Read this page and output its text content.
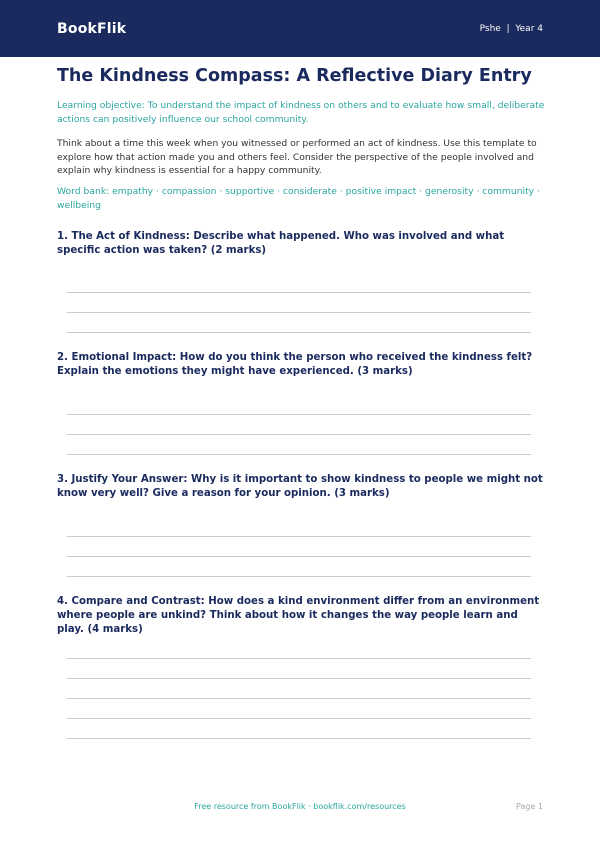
BookFlik	Pshe | Year 4
The Kindness Compass: A Reflective Diary Entry

Learning objective: To understand the impact of kindness on others and to evaluate how small, deliberate actions can positively influence our school community.

Think about a time this week when you witnessed or performed an act of kindness. Use this template to explore how that action made you and others feel. Consider the perspective of the people involved and explain why kindness is essential for a happy community.

Word bank: empathy · compassion · supportive · considerate · positive impact · generosity · community · wellbeing

1. The Act of Kindness: Describe what happened. Who was involved and what specific action was taken? (2 marks)

2. Emotional Impact: How do you think the person who received the kindness felt? Explain the emotions they might have experienced. (3 marks)

3. Justify Your Answer: Why is it important to show kindness to people we might not know very well? Give a reason for your opinion. (3 marks)

4. Compare and Contrast: How does a kind environment differ from an environment where people are unkind? Think about how it changes the way people learn and play. (4 marks)

Free resource from BookFlik · bookflik.com/resources	Page 1
